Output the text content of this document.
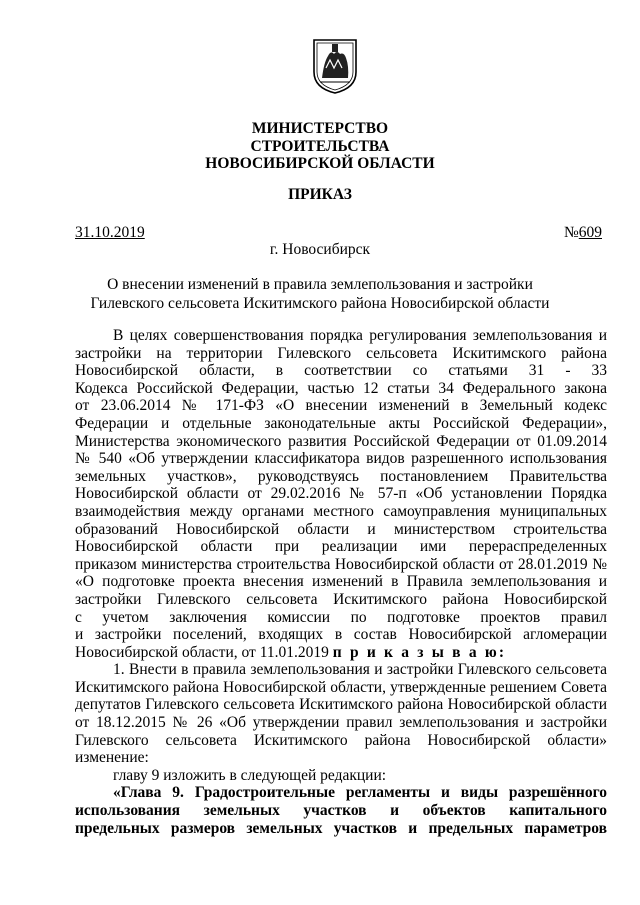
МИНИСТЕРСТВО
СТРОИТЕЛЬСТВА
НОВОСИБИРСКОЙ ОБЛАСТИ
ПРИКАЗ
31.10.2019	№609
г. Новосибирск
О внесении изменений в правила землепользования и застройки
Гилевского сельсовета Искитимского района Новосибирской области
В целях совершенствования порядка регулирования землепользования и
застройки на территории Гилевского сельсовета Искитимского района
Новосибирской области, в соответствии со статьями 31 - 33
Кодекса Российской Федерации, частью 12 статьи 34 Федерального закона
от 23.06.2014 № 171-ФЗ «О внесении изменений в Земельный кодекс
Федерации и отдельные законодательные акты Российской Федерации»,
Министерства экономического развития Российской Федерации от 01.09.2014
№ 540 «Об утверждении классификатора видов разрешенного использования
земельных участков», руководствуясь постановлением Правительства
Новосибирской области от 29.02.2016 № 57-п «Об установлении Порядка
взаимодействия между органами местного самоуправления муниципальных
образований Новосибирской области и министерством строительства
Новосибирской области при реализации ими перераспределенных
приказом министерства строительства Новосибирской области от 28.01.2019 №
«О подготовке проекта внесения изменений в Правила землепользования и
застройки Гилевского сельсовета Искитимского района Новосибирской
с учетом заключения комиссии по подготовке проектов правил
и застройки поселений, входящих в состав Новосибирской агломерации
Новосибирской области, от 11.01.2019 п р и к а з ы в а ю:
1. Внести в правила землепользования и застройки Гилевского сельсовета
Искитимского района Новосибирской области, утвержденные решением Совета
депутатов Гилевского сельсовета Искитимского района Новосибирской области
от 18.12.2015 № 26 «Об утверждении правил землепользования и застройки
Гилевского сельсовета Искитимского района Новосибирской области»
изменение:
главу 9 изложить в следующей редакции:
«Глава 9. Градостроительные регламенты и виды разрешённого
использования земельных участков и объектов капитального
предельных размеров земельных участков и предельных параметров
